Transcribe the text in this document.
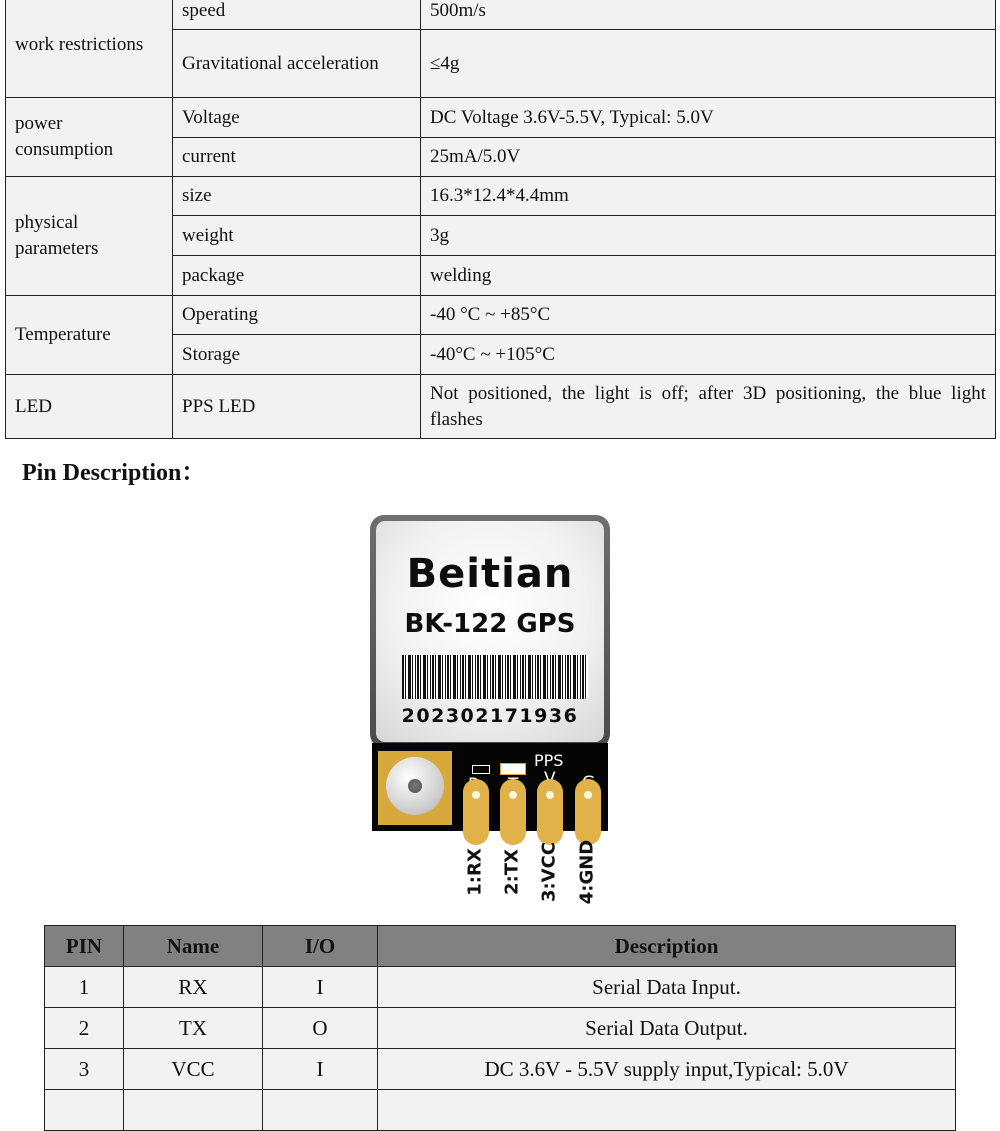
work restrictions	speed	500m/s
	Gravitational acceleration	≤4g
power consumption	Voltage	DC Voltage 3.6V-5.5V, Typical: 5.0V
	current	25mA/5.0V
physical parameters	size	16.3*12.4*4.4mm
	weight	3g
	package	welding
Temperature	Operating	-40 °C ~ +85°C
	Storage	-40°C ~ +105°C
LED	PPS LED	Not positioned, the light is off; after 3D positioning, the blue light flashes
Pin Description：
Beitian
BK-122 GPS
202302171936
PPS
1:RX 2:TX 3:VCC 4:GND
PIN	Name	I/O	Description
1	RX	I	Serial Data Input.
2	TX	O	Serial Data Output.
3	VCC	I	DC 3.6V - 5.5V supply input,Typical: 5.0V
